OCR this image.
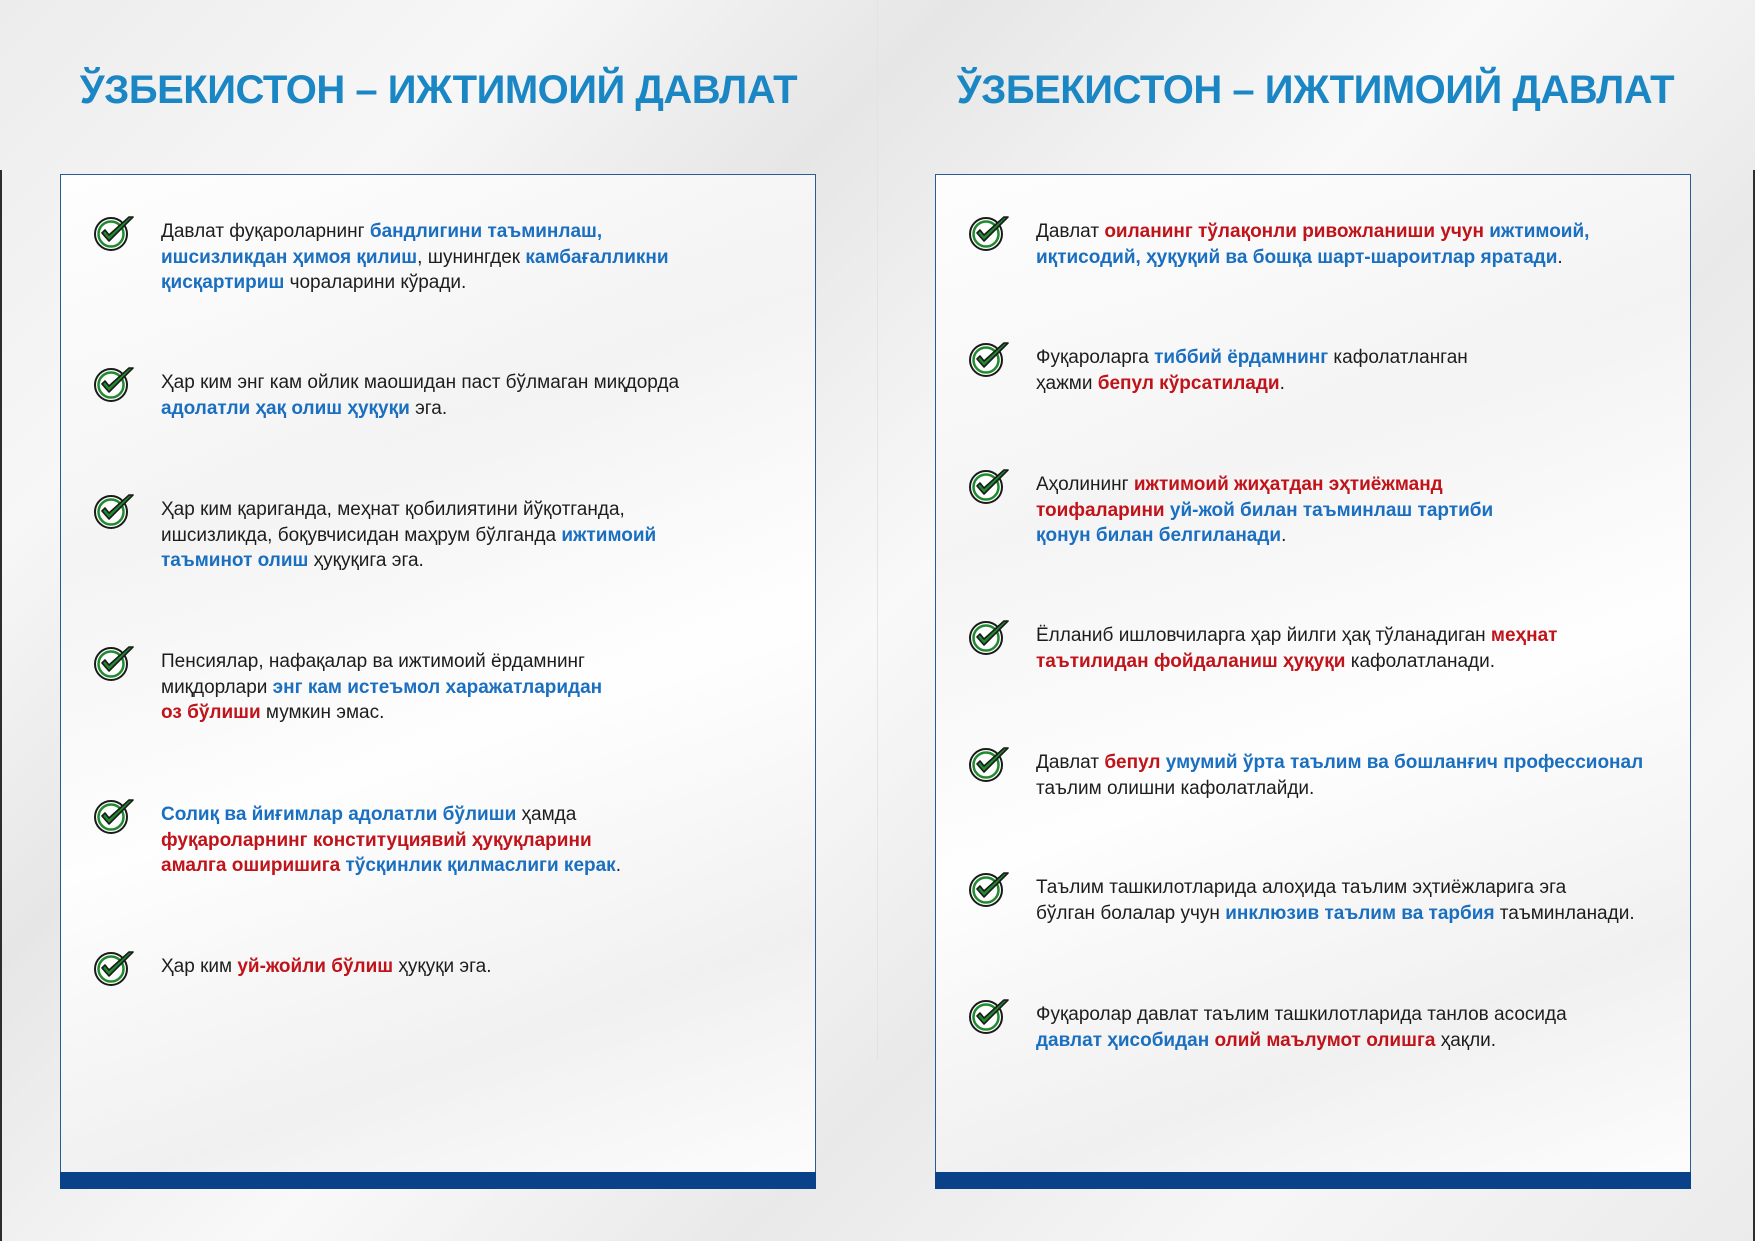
ЎЗБЕКИСТОН – ИЖТИМОИЙ ДАВЛАТ
Давлат фуқароларнинг бандлигини таъминлаш,
ишсизликдан ҳимоя қилиш, шунингдек камбағалликни
қисқартириш чораларини кўради.
Ҳар ким энг кам ойлик маошидан паст бўлмаган миқдорда
адолатли ҳақ олиш ҳуқуқи эга.
Ҳар ким қариганда, меҳнат қобилиятини йўқотганда,
ишсизликда, боқувчисидан маҳрум бўлганда ижтимоий
таъминот олиш ҳуқуқига эга.
Пенсиялар, нафақалар ва ижтимоий ёрдамнинг
миқдорлари энг кам истеъмол харажатларидан
оз бўлиши мумкин эмас.
Солиқ ва йиғимлар адолатли бўлиши ҳамда
фуқароларнинг конституциявий ҳуқуқларини
амалга оширишига тўсқинлик қилмаслиги керак.
Ҳар ким уй-жойли бўлиш ҳуқуқи эга.
ЎЗБЕКИСТОН – ИЖТИМОИЙ ДАВЛАТ
Давлат оиланинг тўлақонли ривожланиши учун ижтимоий,
иқтисодий, ҳуқуқий ва бошқа шарт-шароитлар яратади.
Фуқароларга тиббий ёрдамнинг кафолатланган
ҳажми бепул кўрсатилади.
Аҳолининг ижтимоий жиҳатдан эҳтиёжманд
тоифаларини уй-жой билан таъминлаш тартиби
қонун билан белгиланади.
Ёлланиб ишловчиларга ҳар йилги ҳақ тўланадиган меҳнат
таътилидан фойдаланиш ҳуқуқи кафолатланади.
Давлат бепул умумий ўрта таълим ва бошланғич профессионал
таълим олишни кафолатлайди.
Таълим ташкилотларида алоҳида таълим эҳтиёжларига эга
бўлган болалар учун инклюзив таълим ва тарбия таъминланади.
Фуқаролар давлат таълим ташкилотларида танлов асосида
давлат ҳисобидан олий маълумот олишга ҳақли.
